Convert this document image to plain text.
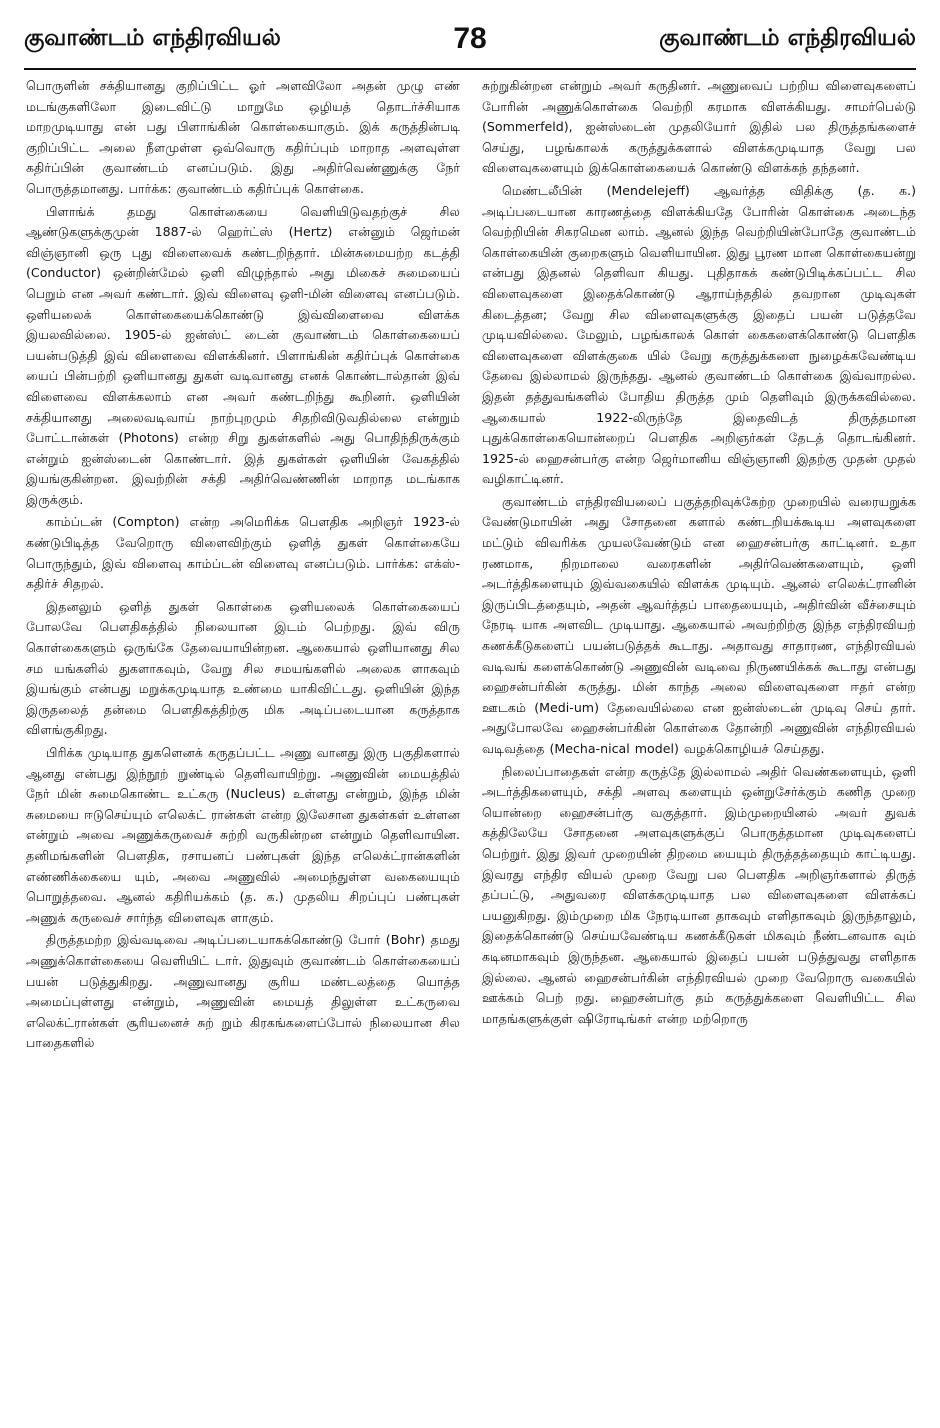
குவாண்டம் எந்திரவியல்	78	குவாண்டம் எந்திரவியல்

பொருளின் சக்தியானது குறிப்பிட்ட ஓர் அளவிலோ அதன் முழு எண் மடங்குகளிலோ இடைவிட்டு மாறுமே ஒழியத் தொடர்ச்சியாக மாறமுடியாது என் பது பிளாங்கின் கொள்கையாகும். இக் கருத்தின்படி குறிப்பிட்ட அலை நீளமுள்ள ஒவ்வொரு கதிர்ப்பும் மாறாத அளவுள்ள கதிர்ப்பின் குவாண்டம் எனப்படும். இது அதிர்வெண்ணுக்கு நேர் பொருத்தமானது. பார்க்க: குவாண்டம் கதிர்ப்புக் கொள்கை.

பிளாங்க் தமது கொள்கையை வெளியிடுவதற்குச் சில ஆண்டுகளுக்குமுன் 1887-ல் ஹெர்ட்ஸ் (Hertz) என்னும் ஜெர்மன் விஞ்ஞானி ஒரு புது விளைவைக் கண்டறிந்தார். மின்சுமையற்ற கடத்தி (Conductor) ஒன்றின்மேல் ஒளி விழுந்தால் அது மிகைச் சுமையைப் பெறும் என அவர் கண்டார். இவ் விளைவு ஒளி-மின் விளைவு எனப்படும். ஒளியலைக் கொள்கையைக்கொண்டு இவ்விளைவை விளக்க இயலவில்லை. 1905-ல் ஐன்ஸ்ட் டைன் குவாண்டம் கொள்கையைப் பயன்படுத்தி இவ் விளைவை விளக்கினர். பிளாங்கின் கதிர்ப்புக் கொள்கை யைப் பின்பற்றி ஒளியானது துகள் வடிவானது எனக் கொண்டால்தான் இவ் விளைவை விளக்கலாம் என அவர் கண்டறிந்து கூறினர். ஒளியின் சக்தியானது அலைவடிவாய் நாற்புறமும் சிதறிவிடுவதில்லை என்றும் போட்டான்கள் (Photons) என்ற சிறு துகள்களில் அது பொதிந்திருக்கும் என்றும் ஐன்ஸ்டைன் கொண்டார். இத் துகள்கள் ஒளியின் வேகத்தில் இயங்குகின்றன. இவற்றின் சக்தி அதிர்வெண்ணின் மாறாத மடங்காக இருக்கும்.

காம்ப்டன் (Compton) என்ற அமெரிக்க பௌதிக அறிஞர் 1923-ல் கண்டுபிடித்த வேறொரு விளைவிற்கும் ஒளித் துகள் கொள்கையே பொருந்தும், இவ் விளைவு காம்ப்டன் விளைவு எனப்படும். பார்க்க: எக்ஸ்-கதிர்ச் சிதறல்.

இதனலும் ஒளித் துகள் கொள்கை ஒளியலைக் கொள்கையைப் போலவே பௌதிகத்தில் நிலையான இடம் பெற்றது. இவ் விரு கொள்கைகளும் ஒருங்கே தேவையாயின்றன. ஆகையால் ஒளியானது சில சம யங்களில் துகளாகவும், வேறு சில சமயங்களில் அலைக ளாகவும் இயங்கும் என்பது மறுக்கமுடியாத உண்மை யாகிவிட்டது. ஒளியின் இந்த இருதலைத் தன்மை பௌதிகத்திற்கு மிக அடிப்படையான கருத்தாக விளங்குகிறது.

பிரிக்க முடியாத துகளெனக் கருதப்பட்ட அணு வானது இரு பகுதிகளால் ஆனது என்பது இந்நூற் றுண்டில் தெளிவாயிற்று. அணுவின் மையத்தில் நேர் மின் சுமைகொண்ட உட்கரு (Nucleus) உள்ளது என்றும், இந்த மின் சுமையை ஈடுசெய்யும் எலெக்ட் ரான்கள் என்ற இலேசான துகள்கள் உள்ளன என்றும் அவை அணுக்கருவைச் சுற்றி வருகின்றன என்றும் தெளிவாயின. தனிமங்களின் பௌதிக, ரசாயனப் பண்புகள் இந்த எலெக்ட்ரான்களின் எண்ணிக்கையை யும், அவை அணுவில் அமைந்துள்ள வகையையும் பொறுத்தவை. ஆனல் கதிரியக்கம் (த. க.) முதலிய சிறப்புப் பண்புகள் அணுக் கருவைச் சார்ந்த விளைவுக ளாகும்.

திருத்தமற்ற இவ்வடிவை அடிப்படையாகக்கொண்டு போர் (Bohr) தமது அணுக்கொள்கையை வெளியிட் டார். இதுவும் குவாண்டம் கொள்கையைப் பயன் படுத்துகிறது. அணுவானது சூரிய மண்டலத்தை யொத்த அமைப்புள்ளது என்றும், அணுவின் மையத் திலுள்ள உட்கருவை எலெக்ட்ரான்கள் சூரியனைச் சுற் றும் கிரகங்களைப்போல் நிலையான சில பாதைகளில்

சுற்றுகின்றன என்றும் அவர் கருதினர். அணுவைப் பற்றிய விளைவுகளைப் போரின் அணுக்கொள்கை வெற்றி கரமாக விளக்கியது. சாமர்பெல்டு (Sommerfeld), ஐன்ஸ்டைன் முதலியோர் இதில் பல திருத்தங்களைச் செய்து, பழங்காலக் கருத்துக்களால் விளக்கமுடியாத வேறு பல விளைவுகளையும் இக்கொள்கையைக் கொண்டு விளக்கந் தந்தனர்.

மெண்டலீபின் (Mendelejeff) ஆவர்த்த விதிக்கு (த. க.) அடிப்படையான காரணத்தை விளக்கியதே போரின் கொள்கை அடைந்த வெற்றியின் சிகரமென லாம். ஆனல் இந்த வெற்றியின்போதே குவாண்டம் கொள்கையின் குறைகளும் வெளியாயின. இது பூரண மான கொள்கையன்று என்பது இதனல் தெளிவா கியது. புதிதாகக் கண்டுபிடிக்கப்பட்ட சில விளைவுகளை இதைக்கொண்டு ஆராய்ந்ததில் தவறான முடிவுகள் கிடைத்தன; வேறு சில விளைவுகளுக்கு இதைப் பயன் படுத்தவே முடியவில்லை. மேலும், பழங்காலக் கொள் கைகளைக்கொண்டு பௌதிக விளைவுகளை விளக்குகை யில் வேறு கருத்துக்களை நுழைக்கவேண்டிய தேவை இல்லாமல் இருந்தது. ஆனல் குவாண்டம் கொள்கை இவ்வாறல்ல. இதன் தத்துவங்களில் போதிய திருத்த மும் தெளிவும் இருக்கவில்லை. ஆகையால் 1922-லிருந்தே இதைவிடத் திருத்தமான புதுக்கொள்கையொன்றைப் பௌதிக அறிஞர்கள் தேடத் தொடங்கினர். 1925-ல் ஹைசன்பர்கு என்ற ஜெர்மானிய விஞ்ஞானி இதற்கு முதன் முதல் வழிகாட்டினர்.

குவாண்டம் எந்திரவியலைப் பகுத்தறிவுக்கேற்ற முறையில் வரையறுக்க வேண்டுமாயின் அது சோதனை களால் கண்டறியக்கூடிய அளவுகளை மட்டும் விவரிக்க முயலவேண்டும் என ஹைசன்பர்கு காட்டினர். உதா ரணமாக, நிறமாலை வரைகளின் அதிர்வெண்களையும், ஒளி அடர்த்திகளையும் இவ்வகையில் விளக்க முடியும். ஆனல் எலெக்ட்ரானின் இருப்பிடத்தையும், அதன் ஆவர்த்தப் பாதையையும், அதிர்வின் வீச்சையும் நேரடி யாக அளவிட முடியாது. ஆகையால் அவற்றிற்கு இந்த எந்திரவியற் கணக்கீடுகளைப் பயன்படுத்தக் கூடாது. அதாவது சாதாரண, எந்திரவியல் வடிவங் களைக்கொண்டு அணுவின் வடிவை நிருணயிக்கக் கூடாது என்பது ஹைசன்பர்கின் கருத்து. மின் காந்த அலை விளைவுகளை ஈதர் என்ற ஊடகம் (Medi-um) தேவையில்லை என ஐன்ஸ்டைன் முடிவு செய் தார். அதுபோலவே ஹைசன்பர்கின் கொள்கை தோன்றி அணுவின் எந்திரவியல் வடிவத்தை (Mecha-nical model) வழக்கொழியச் செய்தது.

நிலைப்பாதைகள் என்ற கருத்தே இல்லாமல் அதிர் வெண்களையும், ஒளி அடர்த்திகளையும், சக்தி அளவு களையும் ஒன்றுசேர்க்கும் கணித முறை யொன்றை ஹைசன்பர்கு வகுத்தார். இம்முறையினல் அவர் துவக் கத்திலேயே சோதனை அளவுகளுக்குப் பொருத்தமான முடிவுகளைப் பெற்றுர். இது இவர் முறையின் திறமை யையும் திருத்தத்தையும் காட்டியது. இவரது எந்திர வியல் முறை வேறு பல பௌதிக அறிஞர்களால் திருத் தப்பட்டு, அதுவரை விளக்கமுடியாத பல விளைவுகளை விளக்கப் பயனுகிறது. இம்முறை மிக நேரடியான தாகவும் எளிதாகவும் இருந்தாலும், இதைக்கொண்டு செய்யவேண்டிய கணக்கீடுகள் மிகவும் நீண்டனவாக வும் கடினமாகவும் இருந்தன. ஆகையால் இதைப் பயன் படுத்துவது எளிதாக இல்லை. ஆனல் ஹைசன்பர்கின் எந்திரவியல் முறை வேறொரு வகையில் ஊக்கம் பெற் றது. ஹைசன்பர்கு தம் கருத்துக்களை வெளியிட்ட சில மாதங்களுக்குள் ஷிரோடிங்கர் என்ற மற்றொரு
